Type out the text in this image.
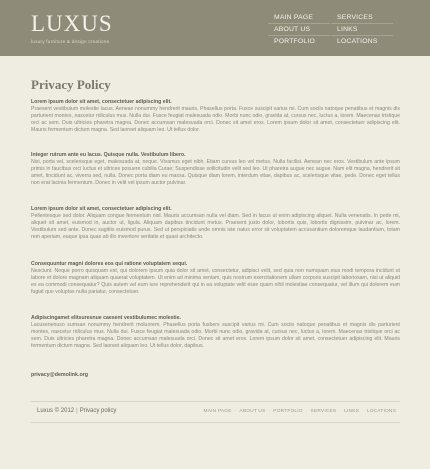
LUXUS
luxury furniture & design creations
MAIN PAGE
ABOUT US
PORTFOLIO
SERVICES
LINKS
LOCATIONS
Privacy Policy
Lorem ipsum dolor sit amet, consectetuer adipiscing elit.

Praesent vestibulum molestie lacus. Aenean nonummy hendrerit mauris. Phasellus porta. Fusce suscipit varius mi. Cum sociis natoque penatibus et magnis dis parturient montes, nascetur ridiculus mus. Nulla dui. Fusce feugiat malesuada odio. Morbi nunc odio, gravida at, cursus nec, luctus a, lorem. Maecenas tristique orci ac sem. Duis ultricies pharetra magna. Donec accumsan malesuada orci. Donec sit amet eros. Lorem ipsum dolor sit amet, consectetuer adipiscing elit. Mauris fermentum dictum magna. Sed laoreet aliquam leo. Ut tellus dolor.

Integer rutrum ante eu lacus. Quisque nulla. Vestibulum libero.

Nisi, porta vel, scelerisque eget, malesuada at, neque. Vivamus eget nibh. Etiam cursus leo vel metus. Nulla facilisi. Aenean nec eros. Vestibulum ante ipsum primis in faucibus orci luctus et ultrices posuere cubilia Curae; Suspendisse sollicitudin velit sed leo. Ut pharetra augue nec augue. Nam elit magna, hendrerit sit amet, tincidunt ac, viverra sed, nulla. Donec porta diam eu massa. Quisque diam lorem, interdum vitae, dapibus ac, scelerisque vitae, pede. Donec eget tellus non erat lacinia fermentum. Donec in velit vel ipsum auctor pulvinar.

Lorem ipsum dolor sit amet, consectetuer adipiscing elit.

Pellentesque sed dolor. Aliquam congue fermentum nisl. Mauris accumsan nulla vel diam. Sed in lacus ut enim adipiscing aliquet. Nulla venenatis. In pede mi, aliquet sit amet, euismod in, auctor ut, ligula. Aliquam dapibus tincidunt metus. Praesent justo dolor, lobortis quis, lobortis dignissim, pulvinar ac, lorem. Vestibulum sed ante. Donec sagittis euismod purus. Sed ut perspiciatis unde omnis iste natus error sit voluptatem accusantium doloremque laudantium, totam rem aperiam, eaque ipsa quae ab illo inventore veritatis et quasi architecto.

Consequuntur magni dolores eos qui ratione voluptatem sequi.

Nesciunt. Neque porro quisquam est, qui dolorem ipsum quia dolor sit amet, consectetur, adipisci velit, sed quia non numquam eius modi tempora incidunt ut labore et dolore magnam aliquam quaerat voluptatem. Ut enim ad minima veniam, quis nostrum exercitationem ullam corporis suscipit laboriosam, nisi ut aliquid ex ea commodi consequatur? Quis autem vel eum iure reprehenderit qui in ea voluptate velit esse quam nihil molestiae consequatur, vel illum qui dolorem eum fugiat quo voluptas nulla pariatur, consectetuer.

Adipiscingamet elitsuresnue caesent vestibulumec molestie.

Lacusenenuso sumsan nonummy hendrerit moluorem. Phasellus porta fusbers suscipit varius mi. Cum sociis natoque penatibus et magnis dis parturient montes, nascetur ridiculus mus. Nulla dui. Fusce feugiat malesuada odio. Morbi nunc odio, gravida at, cursus nec, luctus a, lorem. Maecenas tristique orci ac sem. Duis ultricies pharetra magna. Donec accumsan malesuada orci. Donec sit amet eros. Lorem ipsum dolor sit amet, consectetuer adipiscing elit. Mauris fermentum dictum magna. Sed laoreet aliquam leo. Ut tellus dolor, dapibus.

privacy@demolink.org
Luxus © 2012 | Privacy policy	MAIN PAGE · ABOUT US · PORTFOLIO · SERVICES · LINKS · LOCATIONS
